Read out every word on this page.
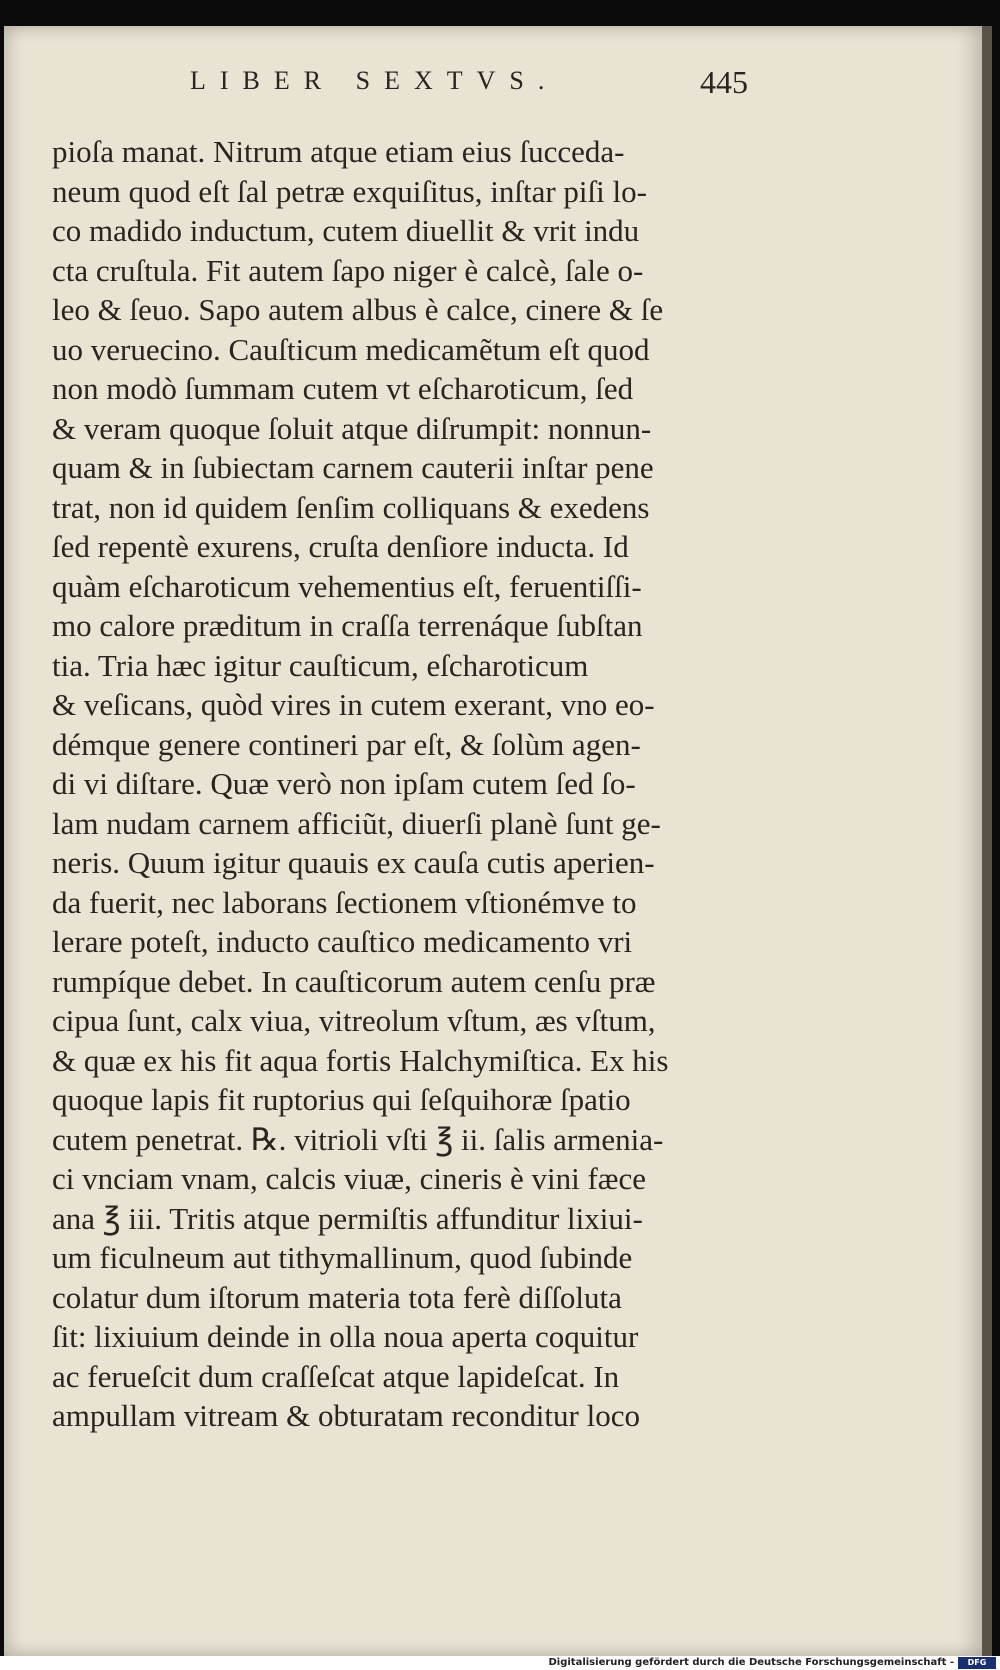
LIBER SEXTVS.	445
pioſa manat. Nitrum atque etiam eius ſucceda-
neum quod eſt ſal petræ exquiſitus, inſtar piſi lo-
co madido inductum, cutem diuellit & vrit indu
cta cruſtula. Fit autem ſapo niger è calcè, ſale o-
leo & ſeuo. Sapo autem albus è calce, cinere & ſe
uo veruecino. Cauſticum medicamẽtum eſt quod
non modò ſummam cutem vt eſcharoticum, ſed
& veram quoque ſoluit atque diſrumpit: nonnun-
quam & in ſubiectam carnem cauterii inſtar pene
trat, non id quidem ſenſim colliquans & exedens
ſed repentè exurens, cruſta denſiore inducta. Id
quàm eſcharoticum vehementius eſt, feruentiſſi-
mo calore præditum in craſſa terrenáque ſubſtan
tia. Tria hæc igitur cauſticum, eſcharoticum
& veſicans, quòd vires in cutem exerant, vno eo-
démque genere contineri par eſt, & ſolùm agen-
di vi diſtare. Quæ verò non ipſam cutem ſed ſo-
lam nudam carnem afficiũt, diuerſi planè ſunt ge-
neris. Quum igitur quauis ex cauſa cutis aperien-
da fuerit, nec laborans ſectionem vſtionémve to
lerare poteſt, inducto cauſtico medicamento vri
rumpíque debet. In cauſticorum autem cenſu præ
cipua ſunt, calx viua, vitreolum vſtum, æs vſtum,
& quæ ex his fit aqua fortis Halchymiſtica. Ex his
quoque lapis fit ruptorius qui ſeſquihoræ ſpatio
cutem penetrat. ℞. vitrioli vſti ℥ ii. ſalis armenia-
ci vnciam vnam, calcis viuæ, cineris è vini fæce
ana ℥ iii. Tritis atque permiſtis affunditur lixiui-
um ficulneum aut tithymallinum, quod ſubinde
colatur dum iſtorum materia tota ferè diſſoluta
ſit: lixiuium deinde in olla noua aperta coquitur
ac ferueſcit dum craſſeſcat atque lapideſcat. In
ampullam vitream & obturatam reconditur loco
Digitalisierung gefördert durch die Deutsche Forschungsgemeinschaft -	DFG
